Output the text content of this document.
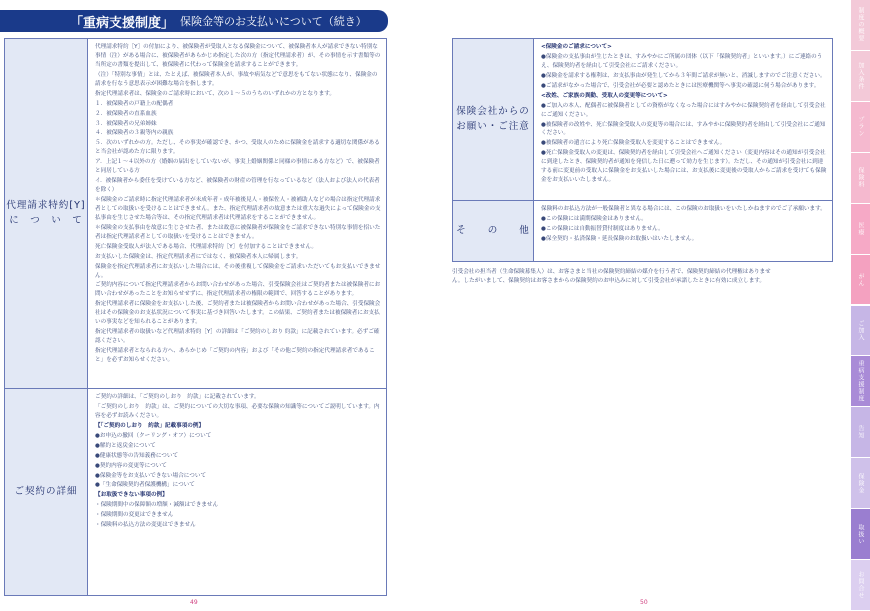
「重病支援制度」 保険金等のお支払いについて（続き）
代理請求特約[Y]
に　つ　い　て

代理請求特約［Y］の付加により、被保険者が受取人となる保険金について、被保険者本人が請求できない特別な事情（注）がある場合に、被保険者があらかじめ指定した次の方（指定代理請求者）が、その事情を示す書類等の当所定の書類を提出して、被保険者に代わって保険金を請求することができます。

（注）「特別な事情」とは、たとえば、被保険者本人が、事故や病気などで意思をもてない状態になり、保険金の請求を行なう意思表示が困難な場合を指します。

指定代理請求者は、保険金のご請求時において、次の１～５のうちのいずれかの方となります。

１．被保険者の戸籍上の配偶者

２．被保険者の直系血族

３．被保険者の兄弟姉妹

４．被保険者の３親等内の親族

５．次のいずれかの方。ただし、その事実が確認でき、かつ、受取人のために保険金を請求する適切な関係があると当会社が認めた方に限ります。

ア．上記１～４以外の方（婚姻の届出をしていないが、事実上婚姻関係と同様の事情にある方など）で、被保険者と同居している方

イ．被保険者から委任を受けている方など、被保険者の財産の管理を行なっているなど（法人および法人の代表者を除く）

＊保険金のご請求時に指定代理請求者が未成年者・成年被後見人・被保佐人・被補助人などの場合は指定代理請求者としての取扱いを受けることはできません。また、指定代理請求者の故意または重大な過失によって保険金の支払事由を生じさせた場合等は、その指定代理請求者は代理請求をすることができません。

＊保険金の支払事由を故意に生じさせた者、または故意に被保険者が保険金をご請求できない特別な事情を招いた者は指定代理請求者としての取扱いを受けることはできません。

死亡保険金受取人が法人である場合、代理請求特約［Y］を付加することはできません。

お支払いした保険金は、指定代理請求者にではなく、被保険者本人に帰属します。

保険金を指定代理請求者にお支払いした場合には、その後重複して保険金をご請求いただいてもお支払いできません。

ご契約内容について指定代理請求者からお問い合わせがあった場合、引受保険会社はご契約者または被保険者にお問い合わせがあったことをお知らせせずに、指定代理請求者の権限の範囲で、回答することがあります。

指定代理請求者に保険金をお支払いした後、ご契約者または被保険者からお問い合わせがあった場合、引受保険会社はその保険金のお支払状況について事実に基づき回答いたします。この結果、ご契約者または被保険者にお支払いの事実などを知られることがあります。

指定代理請求者の取扱いなど代理請求特約［Y］の詳細は「ご契約のしおり 約款」に記載されています。必ずご確認ください。

指定代理請求者となられる方へ、あらかじめ「ご契約の内容」および「その他ご契約の指定代理請求者であること」を必ずお知らせください。

ご契約の詳細

ご契約の詳細は、「ご契約のしおり　約款」に記載されています。

「ご契約のしおり　約款」は、ご契約についての大切な事項、必要な保険の知識等についてご説明しています。内容を必ずお読みください。

【「ご契約のしおり　約款」記載事項の例】

●お申込の撤回（クーリング・オフ）について

●解約と返戻金について

●健康状態等の告知義務について

●契約内容の変更等について

●保険金等をお支払いできない場合について

●「生命保険契約者保護機構」について

【お取扱できない事項の例】

・保険期間中の保障額の増額・減額はできません

・保険期間の変更はできません

・保険料の払込方法の変更はできません

保険会社からの
お願い・ご注意

<保険金のご請求について>

●保険金の支払事由が生じたときは、すみやかにご所属の団体（以下「保険契約者」といいます。）にご連絡のうえ、保険契約者を経由して引受会社にご請求ください。

●保険金を請求する権利は、お支払事由が発生してから３年間ご請求が無いと、消滅しますのでご注意ください。

●ご請求がなかった場合で、引受会社が必要と認めたときには医療機関等へ事実の確認に伺う場合があります。

<改姓、ご家族の異動、受取人の変更等について>

●ご加入の本人、配偶者に被保険者としての資格がなくなった場合にはすみやかに保険契約者を経由して引受会社にご通知ください。

●被保険者の改姓や、死亡保険金受取人の変更等の場合には、すみやかに保険契約者を経由して引受会社にご通知ください。

●被保険者の遺言により死亡保険金受取人を変更することはできません。

●死亡保険金受取人の変更は、保険契約者を経由して引受会社へご通知ください（変更内容はその通知が引受会社に到達したとき、保険契約者が通知を発信した日に遡って効力を生じます）。ただし、その通知が引受会社に到達する前に変更前の受取人に保険金をお支払いした場合には、お支払後に変更後の受取人からご請求を受けても保険金をお支払いいたしません。

そ　　の　　他

保険料のお払込方法が一般保険者と異なる場合には、この保険のお取扱いをいたしかねますのでご了承願います。

●この保険には満期保険金はありません。

●この保険には自動振替貸付制度はありません。

●保全契約・払済保険・延長保険のお取扱いはいたしません。

引受会社の担当者（生命保険募集人）は、お客さまと当社の保険契約締結の媒介を行う者で、保険契約締結の代理権はありません。したがいまして、保険契約はお客さまからの保険契約のお申込みに対して引受会社が承諾したときに有効に成立します。
49	50
制度の概要
加入条件
プラン
保険料
医療
がん
ご加入
重病支援制度
告知
保険金
取扱い
お問合せ
